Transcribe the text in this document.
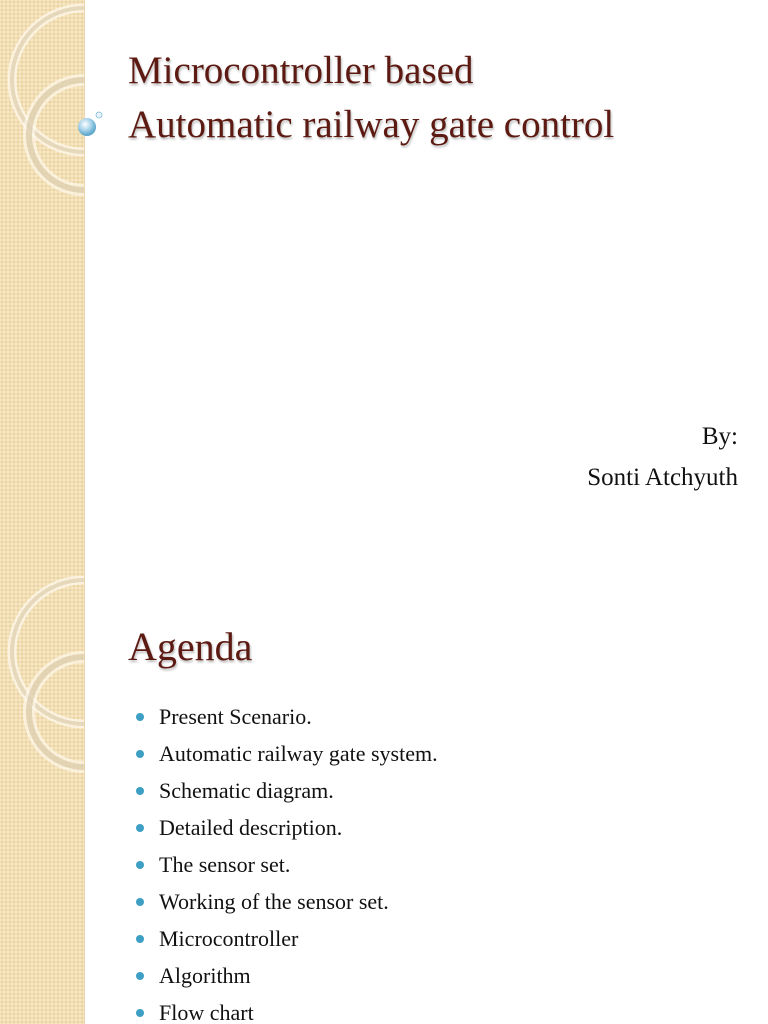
Microcontroller based
Automatic railway gate control
By:
Sonti Atchyuth
Agenda
Present Scenario.
Automatic railway gate system.
Schematic diagram.
Detailed description.
The sensor set.
Working of the sensor set.
Microcontroller
Algorithm
Flow chart
